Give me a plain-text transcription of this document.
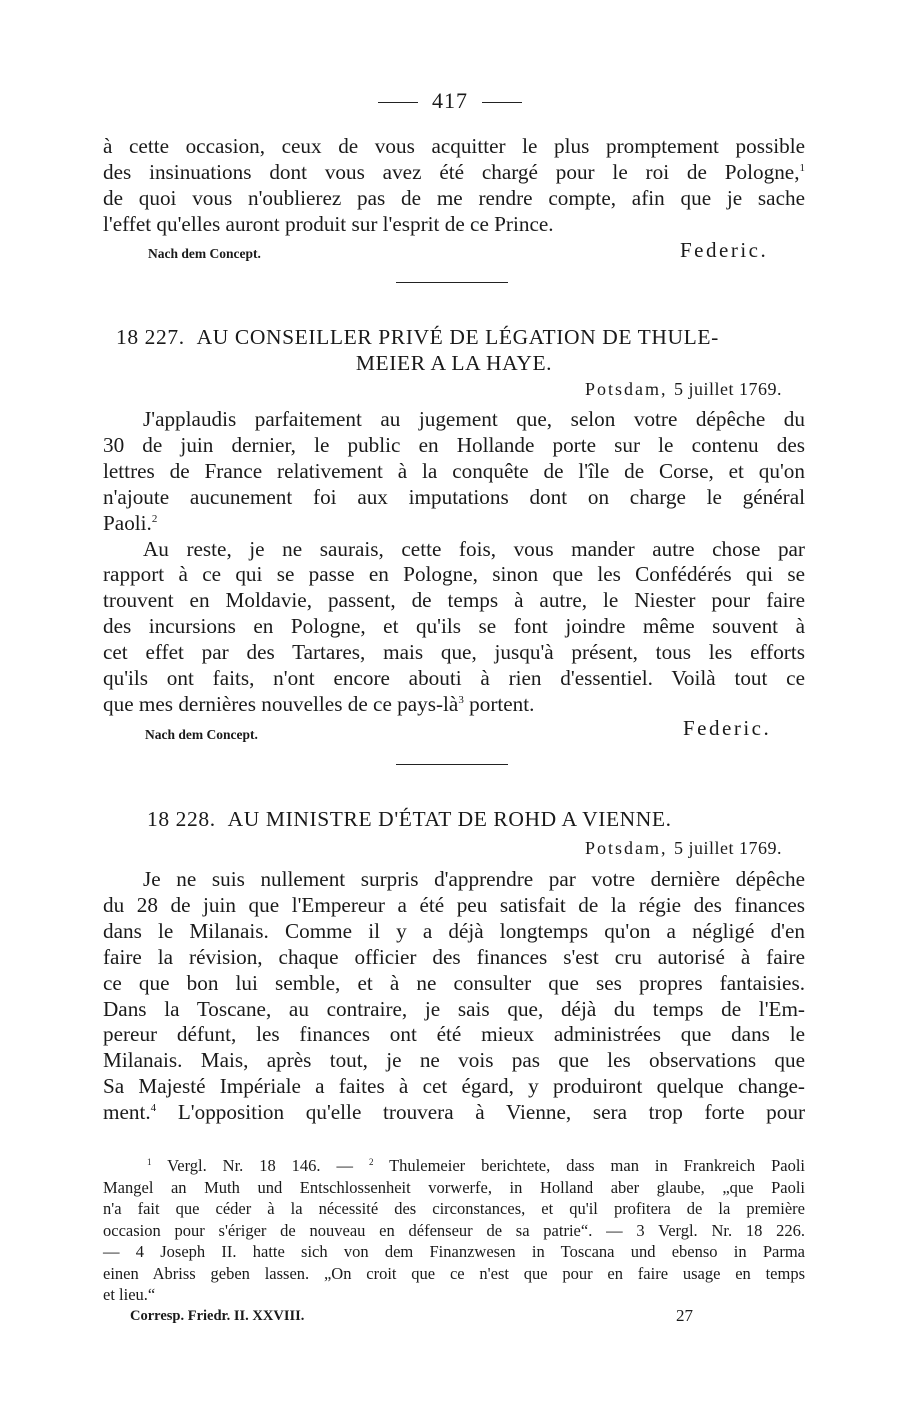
417

à cette occasion, ceux de vous acquitter le plus promptement possible
des insinuations dont vous avez été chargé pour le roi de Pologne,$^1$
de quoi vous n'oublierez pas de me rendre compte, afin que je sache
l'effet qu'elles auront produit sur l'esprit de ce Prince.

Nach dem Concept.	Federic.
18 227. AU CONSEILLER PRIVÉ DE LÉGATION DE THULE-
MEIER A LA HAYE.
Potsdam, 5 juillet 1769.

J'applaudis parfaitement au jugement que, selon votre dépêche du
30 de juin dernier, le public en Hollande porte sur le contenu des
lettres de France relativement à la conquête de l'île de Corse, et qu'on
n'ajoute aucunement foi aux imputations dont on charge le général
Paoli.$^2$
Au reste, je ne saurais, cette fois, vous mander autre chose par
rapport à ce qui se passe en Pologne, sinon que les Confédérés qui se
trouvent en Moldavie, passent, de temps à autre, le Niester pour faire
des incursions en Pologne, et qu'ils se font joindre même souvent à
cet effet par des Tartares, mais que, jusqu'à présent, tous les efforts
qu'ils ont faits, n'ont encore abouti à rien d'essentiel. Voilà tout ce
que mes dernières nouvelles de ce pays-$là^3$ portent.

Nach dem Concept.	Federic.
18 228. AU MINISTRE D'ÉTAT DE ROHD A VIENNE.
Potsdam, 5 juillet 1769.

Je ne suis nullement surpris d'apprendre par votre dernière dépêche
du 28 de juin que l'Empereur a été peu satisfait de la régie des finances
dans le Milanais. Comme il y a déjà longtemps qu'on a négligé d'en
faire la révision, chaque officier des finances s'est cru autorisé à faire
ce que bon lui semble, et à ne consulter que ses propres fantaisies.
Dans la Toscane, au contraire, je sais que, déjà du temps de l'Em-
pereur défunt, les finances ont été mieux administrées que dans le
Milanais. Mais, après tout, je ne vois pas que les observations que
Sa Majesté Impériale a faites à cet égard, y produiront quelque change-
ment.$^4$ L'opposition qu'elle trouvera à Vienne, sera trop forte pour

$^1$ Vergl. Nr. 18 146. — $^2$ Thulemeier berichtete, dass man in Frankreich Paoli
Mangel an Muth und Entschlossenheit vorwerfe, in Holland aber glaube, „que Paoli
n'a fait que céder à la nécessité des circonstances, et qu'il profitera de la première
occasion pour s'ériger de nouveau en défenseur de sa patrie“. — 3 Vergl. Nr. 18 226.
— 4 Joseph II. hatte sich von dem Finanzwesen in Toscana und ebenso in Parma
einen Abriss geben lassen. „On croit que ce n'est que pour en faire usage en temps
et lieu.“
Corresp. Friedr. II. XXVIII.	27
